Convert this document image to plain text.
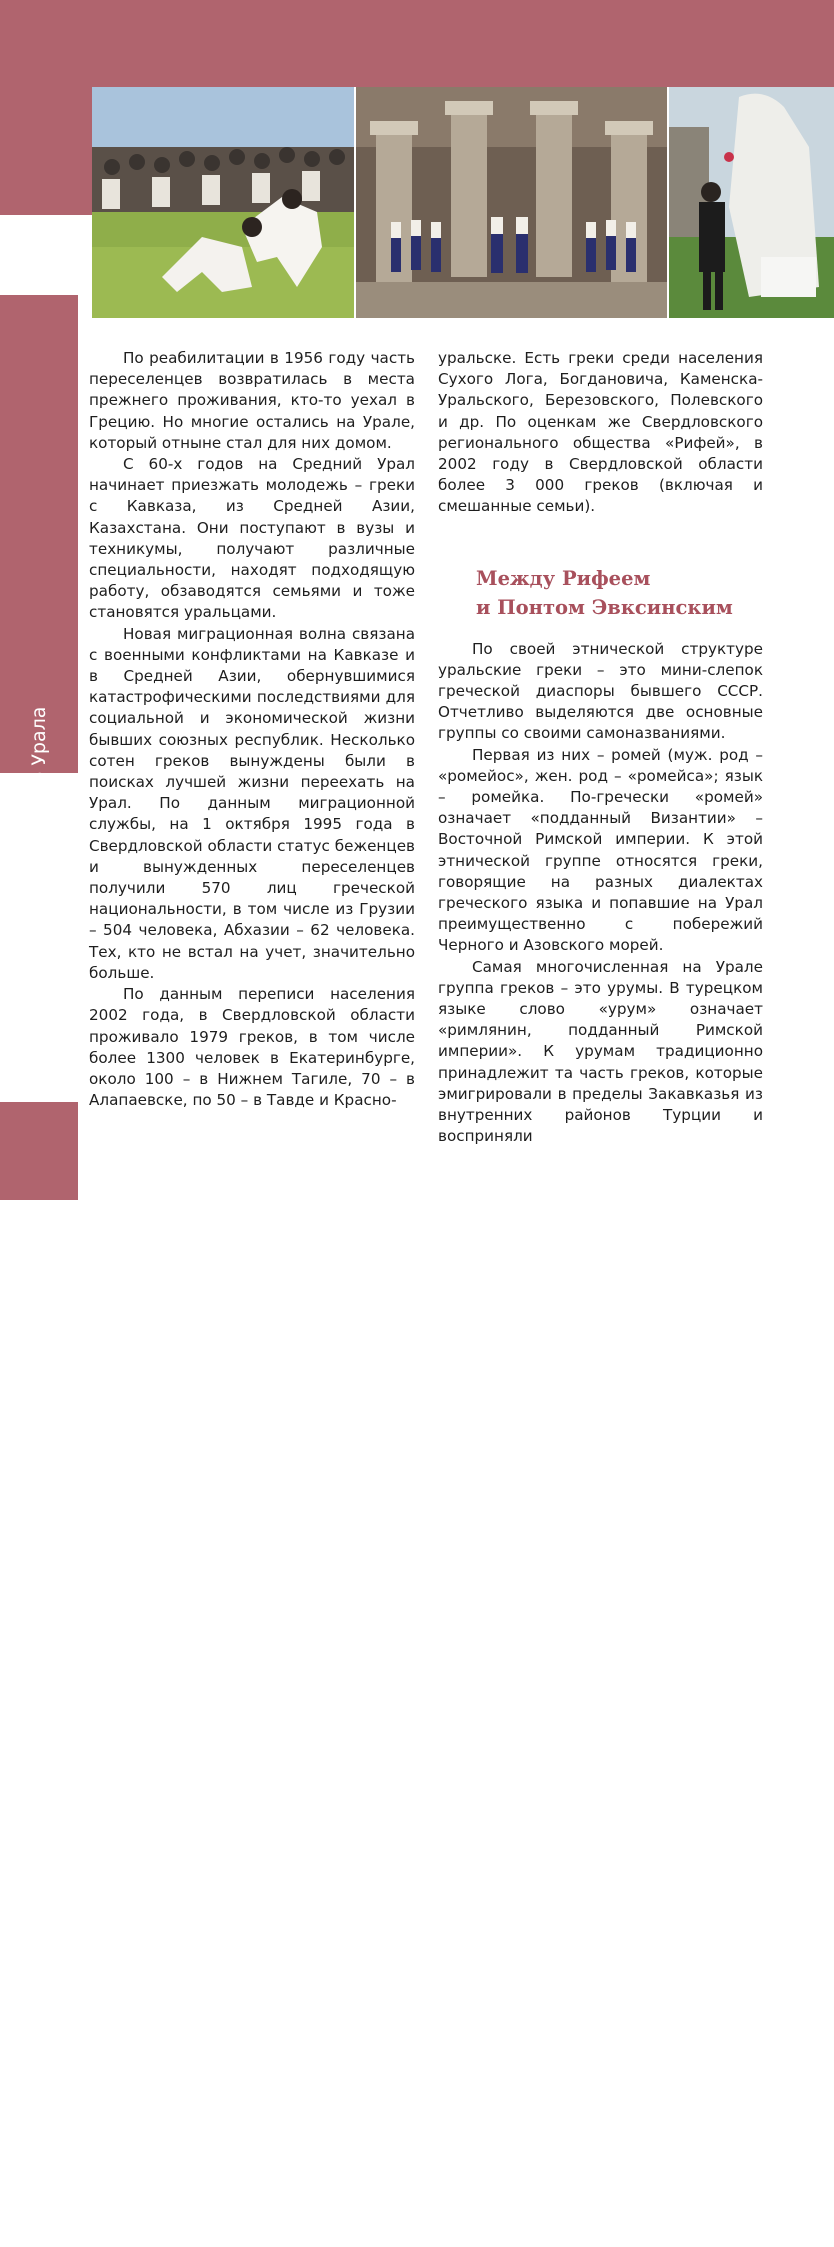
Народы Среднего Урала
4

По реабилитации в 1956 году часть переселенцев возвратилась в места прежнего проживания, кто-то уехал в Грецию. Но многие остались на Урале, который отныне стал для них домом.

С 60-х годов на Средний Урал начинает приезжать молодежь – греки с Кавказа, из Средней Азии, Казахстана. Они поступают в вузы и техникумы, получают различные специальности, находят подходящую работу, обзаводятся семьями и тоже становятся уральцами.

Новая миграционная волна связана с военными конфликтами на Кавказе и в Средней Азии, обернувшимися катастрофическими последствиями для социальной и экономической жизни бывших союзных республик. Несколько сотен греков вынуждены были в поисках лучшей жизни переехать на Урал. По данным миграционной службы, на 1 октября 1995 года в Свердловской области статус беженцев и вынужденных переселенцев получили 570 лиц греческой национальности, в том числе из Грузии – 504 человека, Абхазии – 62 человека. Тех, кто не встал на учет, значительно больше.

По данным переписи населения 2002 года, в Свердловской области проживало 1979 греков, в том числе более 1300 человек в Екатеринбурге, около 100 – в Нижнем Тагиле, 70 – в Алапаевске, по 50 – в Тавде и Красно-

уральске. Есть греки среди населения Сухого Лога, Богдановича, Каменска-Уральского, Березовского, Полевского и др. По оценкам же Свердловского регионального общества «Рифей», в 2002 году в Свердловской области более 3 000 греков (включая и смешанные семьи).

Между Рифеем
и Понтом Эвксинским

По своей этнической структуре уральские греки – это мини-слепок греческой диаспоры бывшего СССР. Отчетливо выделяются две основные группы со своими самоназваниями.

Первая из них – ромей (муж. род – «ромейос», жен. род – «ромейса»; язык – ромейка. По-гречески «ромей» означает «подданный Византии» – Восточной Римской империи. К этой этнической группе относятся греки, говорящие на разных диалектах греческого языка и попавшие на Урал преимущественно с побережий Черного и Азовского морей.

Самая многочисленная на Урале группа греков – это урумы. В турецком языке слово «урум» означает «римлянин, подданный Римской империи». К урумам традиционно принадлежит та часть греков, которые эмигрировали в пределы Закавказья из внутренних районов Турции и восприняли
